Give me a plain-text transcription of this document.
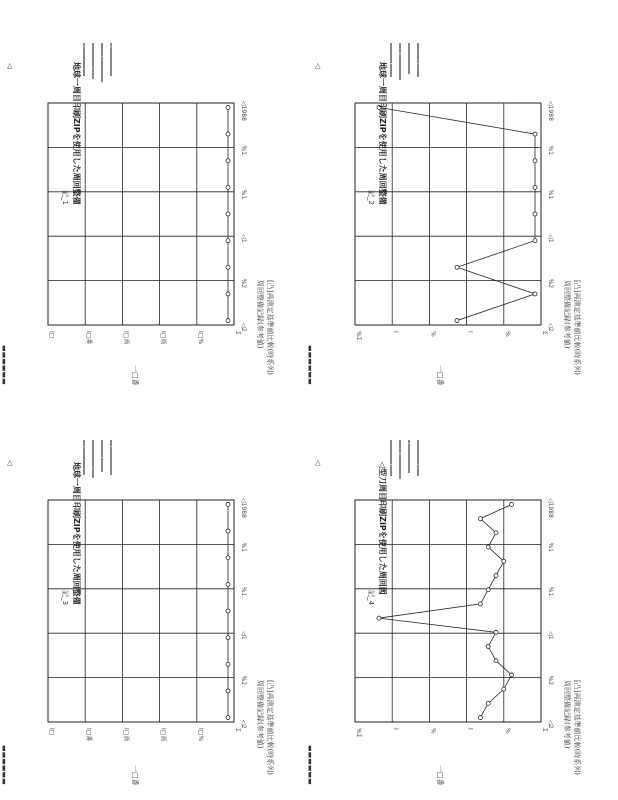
▬▬▬▬▬▬
▬▬▬▬▬▬
▬▬▬▬▬▬
▬▬▬▬▬▬
一□番
一□番
一□番
一□番
◁
◁
◁
◁
Σ
I□%
I□画
I□画
I□番
I□
◁1988
%1
%1
◁1
%2
◁2
Σ
%
I
%
I
%Σ
◁1988
%1
%1
◁1
%2
◁2
Σ
I□%
I□画
I□画
I□番
I□
◁1988
%1
%1
◁1
%2
◁2
Σ
%
I
%
I
%Σ
◁1988
%1
%1
◁1
%2
◁2
地球一周目印刷ZIPを使用した周回整備
記_1
地球一周目印刷ZIPを使用した周回整備
記_3
地球一周目印刷ZIPを使用した周回整備
記_2
◁型刀周目印刷ZIPを使用した周回図
記_4
[凸]再測定基準値比較(時系列)
周回整備記録(参考値)
[凸]再測定基準値比較(時系列)
周回整備記録(参考値)
[凸]再測定基準値比較(時系列)
周回整備記録(参考値)
[凸]再測定基準値比較(時系列)
周回整備記録(参考値)
